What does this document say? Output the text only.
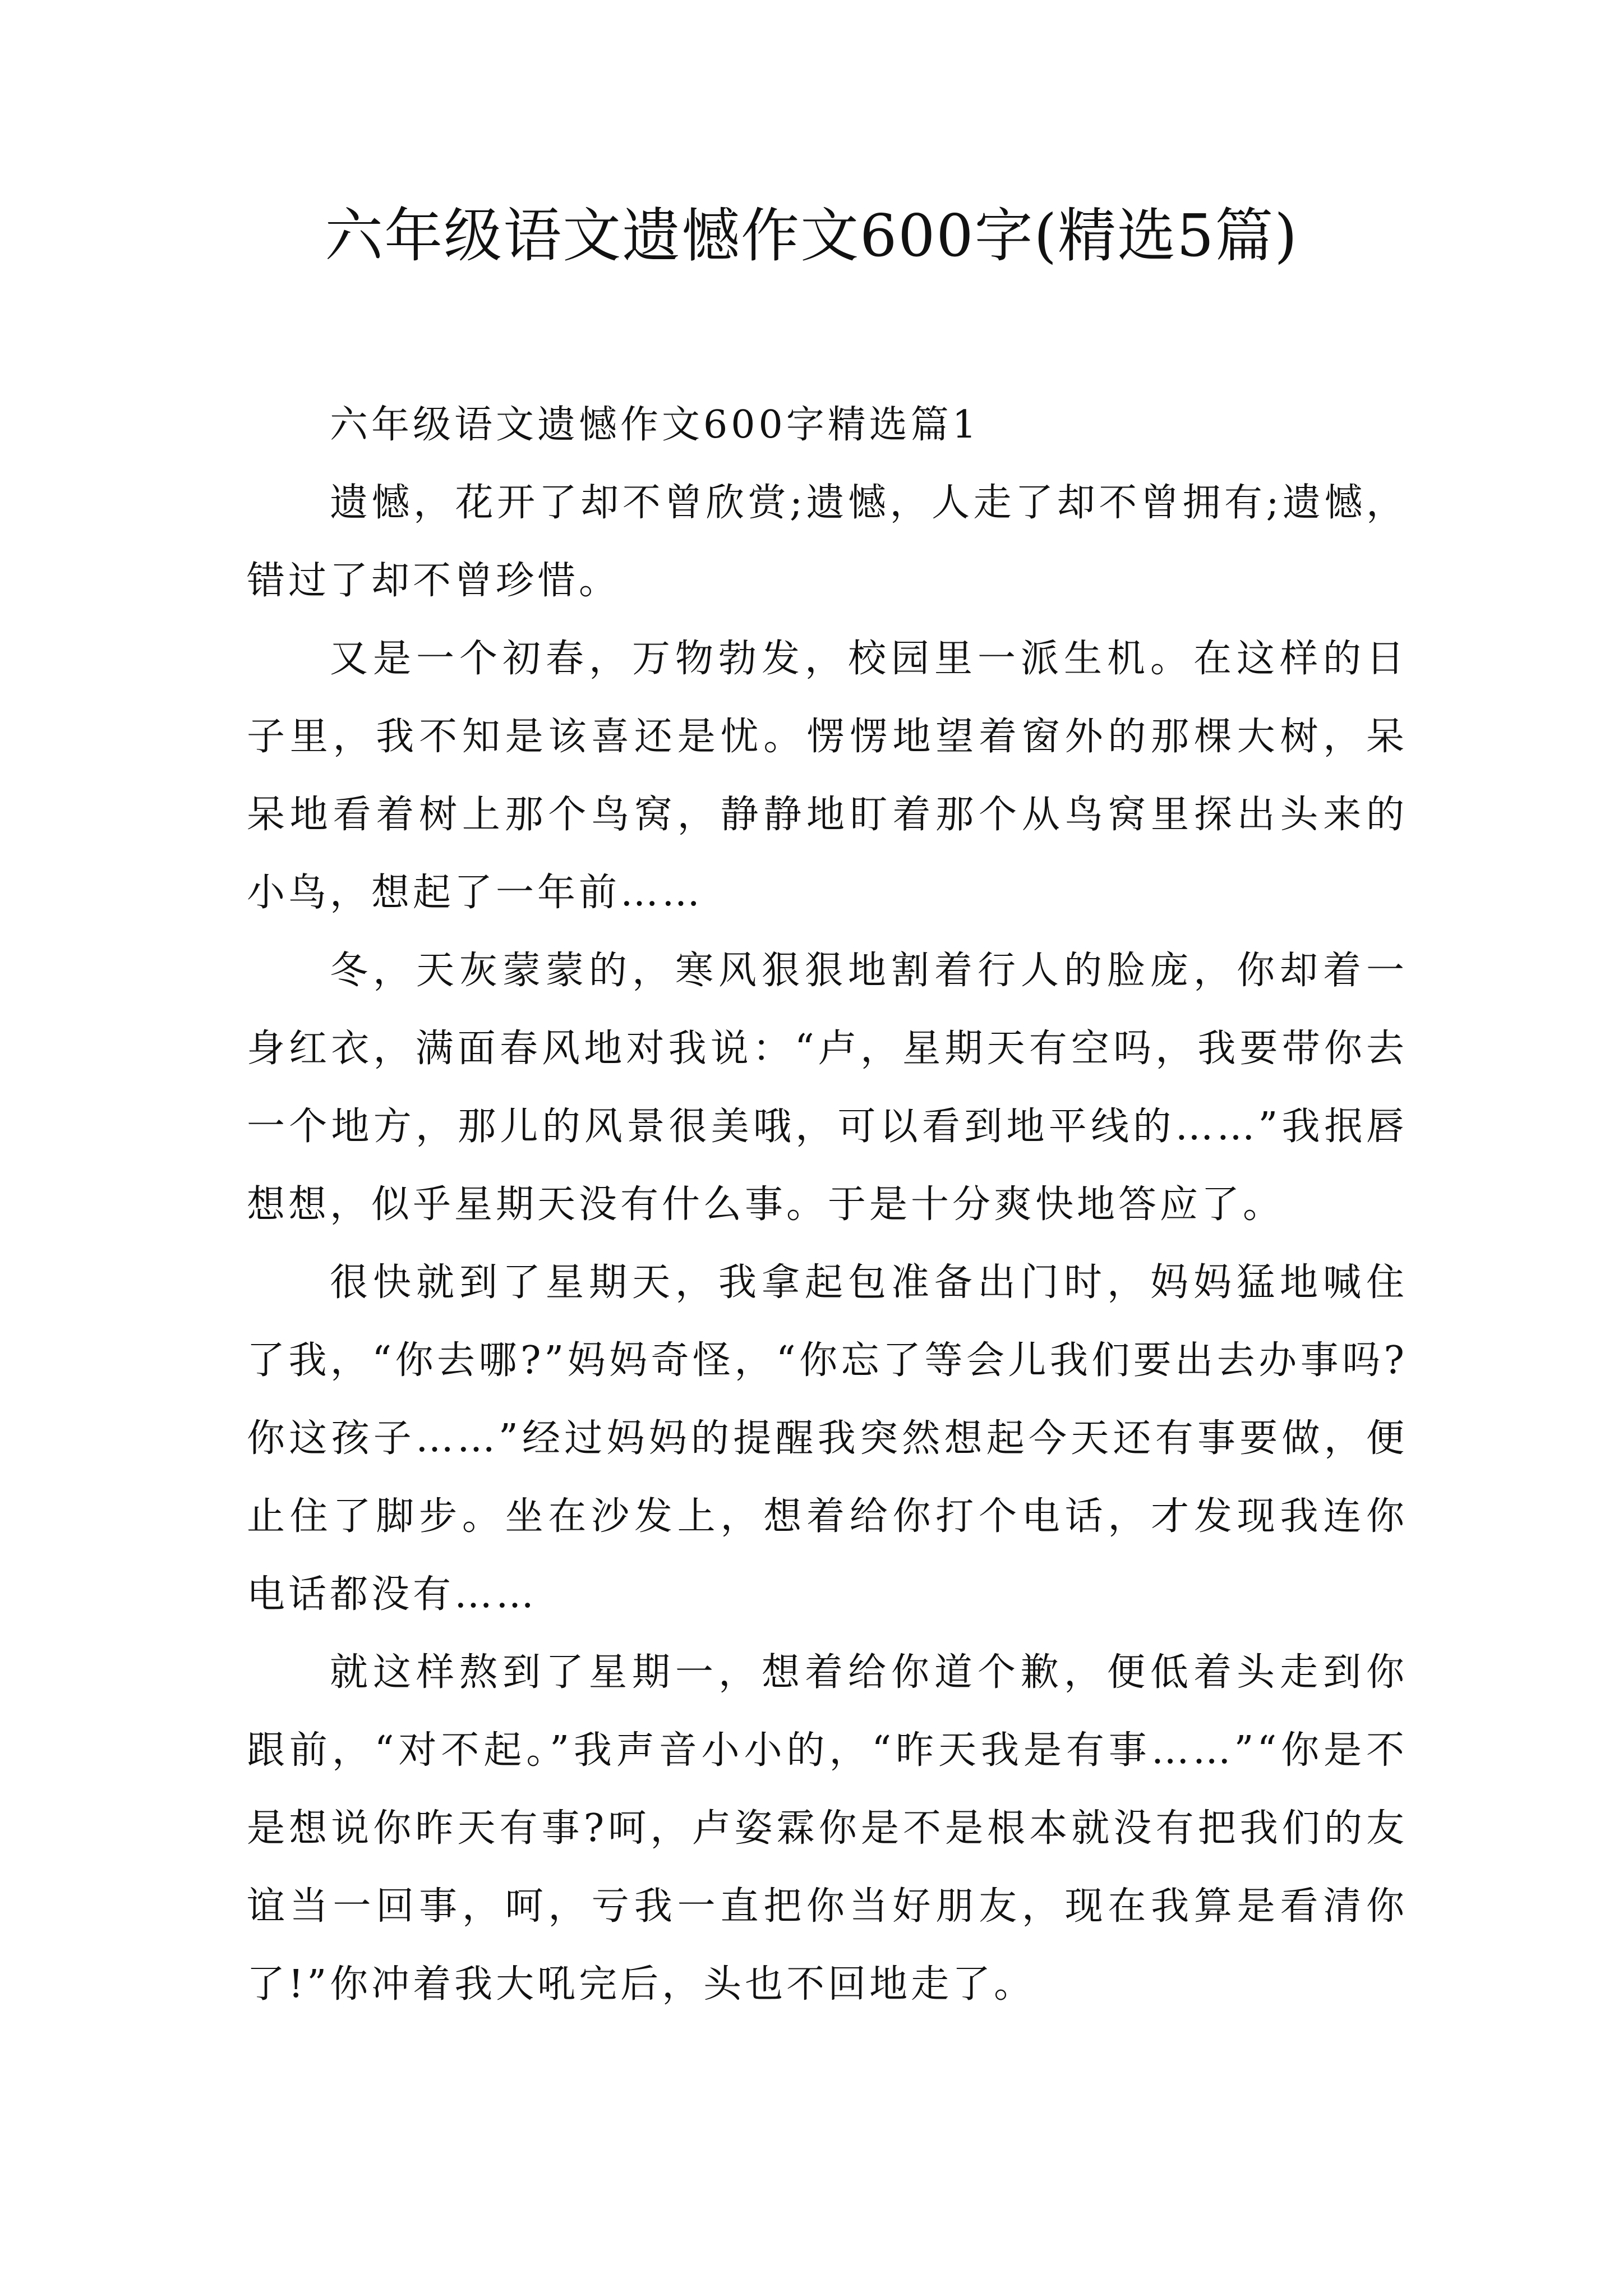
六年级语文遗憾作文600字(精选5篇)

六年级语文遗憾作文600字精选篇1

遗憾，花开了却不曾欣赏;遗憾，人走了却不曾拥有;遗憾，错过了却不曾珍惜。

又是一个初春，万物勃发，校园里一派生机。在这样的日子里，我不知是该喜还是忧。愣愣地望着窗外的那棵大树，呆呆地看着树上那个鸟窝，静静地盯着那个从鸟窝里探出头来的小鸟，想起了一年前……

冬，天灰蒙蒙的，寒风狠狠地割着行人的脸庞，你却着一身红衣，满面春风地对我说：“卢，星期天有空吗，我要带你去一个地方，那儿的风景很美哦，可以看到地平线的……”我抿唇想想，似乎星期天没有什么事。于是十分爽快地答应了。

很快就到了星期天，我拿起包准备出门时，妈妈猛地喊住了我，“你去哪?”妈妈奇怪，“你忘了等会儿我们要出去办事吗?你这孩子……”经过妈妈的提醒我突然想起今天还有事要做，便止住了脚步。坐在沙发上，想着给你打个电话，才发现我连你电话都没有……

就这样熬到了星期一，想着给你道个歉，便低着头走到你跟前，“对不起。”我声音小小的，“昨天我是有事……”“你是不是想说你昨天有事?呵，卢姿霖你是不是根本就没有把我们的友谊当一回事，呵，亏我一直把你当好朋友，现在我算是看清你了!”你冲着我大吼完后，头也不回地走了。
